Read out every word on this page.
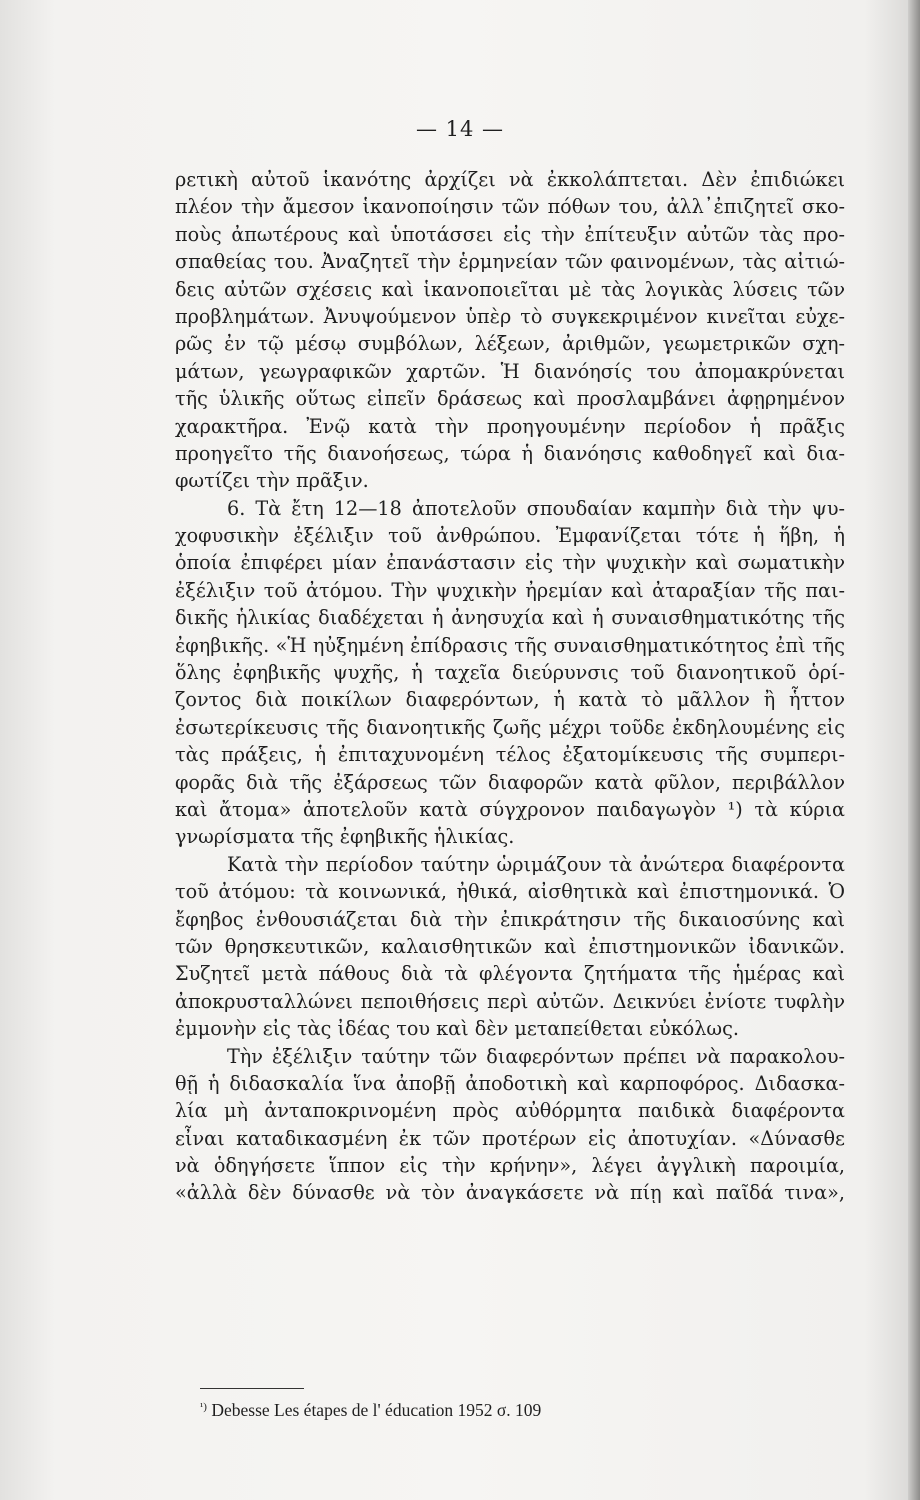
— 14 —
ρετικὴ αὐτοῦ ἱκανότης ἀρχίζει νὰ ἐκκολάπτεται. Δὲν ἐπιδιώκει
πλέον τὴν ἄμεσον ἱκανοποίησιν τῶν πόθων του, ἀλλ᾽ἐπιζητεῖ σκο-
ποὺς ἀπωτέρους καὶ ὑποτάσσει εἰς τὴν ἐπίτευξιν αὐτῶν τὰς προ-
σπαθείας του. Ἀναζητεῖ τὴν ἑρμηνείαν τῶν φαινομένων, τὰς αἰτιώ-
δεις αὐτῶν σχέσεις καὶ ἱκανοποιεῖται μὲ τὰς λογικὰς λύσεις τῶν
προβλημάτων. Ἀνυψούμενον ὑπὲρ τὸ συγκεκριμένον κινεῖται εὐχε-
ρῶς ἐν τῷ μέσῳ συμβόλων, λέξεων, ἀριθμῶν, γεωμετρικῶν σχη-
μάτων, γεωγραφικῶν χαρτῶν. Ἡ διανόησίς του ἀπομακρύνεται
τῆς ὑλικῆς οὕτως εἰπεῖν δράσεως καὶ προσλαμβάνει ἀφῃρημένον
χαρακτῆρα. Ἐνῷ κατὰ τὴν προηγουμένην περίοδον ἡ πρᾶξις
προηγεῖτο τῆς διανοήσεως, τώρα ἡ διανόησις καθοδηγεῖ καὶ δια-
φωτίζει τὴν πρᾶξιν.
6. Τὰ ἔτη 12—18 ἀποτελοῦν σπουδαίαν καμπὴν διὰ τὴν ψυ-
χοφυσικὴν ἐξέλιξιν τοῦ ἀνθρώπου. Ἐμφανίζεται τότε ἡ ἥβη, ἡ
ὁποία ἐπιφέρει μίαν ἐπανάστασιν εἰς τὴν ψυχικὴν καὶ σωματικὴν
ἐξέλιξιν τοῦ ἀτόμου. Τὴν ψυχικὴν ἠρεμίαν καὶ ἀταραξίαν τῆς παι-
δικῆς ἡλικίας διαδέχεται ἡ ἀνησυχία καὶ ἡ συναισθηματικότης τῆς
ἐφηβικῆς. «Ἡ ηὐξημένη ἐπίδρασις τῆς συναισθηματικότητος ἐπὶ τῆς
ὅλης ἐφηβικῆς ψυχῆς, ἡ ταχεῖα διεύρυνσις τοῦ διανοητικοῦ ὁρί-
ζοντος διὰ ποικίλων διαφερόντων, ἡ κατὰ τὸ μᾶλλον ἢ ἧττον
ἐσωτερίκευσις τῆς διανοητικῆς ζωῆς μέχρι τοῦδε ἐκδηλουμένης εἰς
τὰς πράξεις, ἡ ἐπιταχυνομένη τέλος ἐξατομίκευσις τῆς συμπερι-
φορᾶς διὰ τῆς ἐξάρσεως τῶν διαφορῶν κατὰ φῦλον, περιβάλλον
καὶ ἄτομα» ἀποτελοῦν κατὰ σύγχρονον παιδαγωγὸν ¹) τὰ κύρια
γνωρίσματα τῆς ἐφηβικῆς ἡλικίας.
Κατὰ τὴν περίοδον ταύτην ὡριμάζουν τὰ ἀνώτερα διαφέροντα
τοῦ ἀτόμου: τὰ κοινωνικά, ἠθικά, αἰσθητικὰ καὶ ἐπιστημονικά. Ὁ
ἔφηβος ἐνθουσιάζεται διὰ τὴν ἐπικράτησιν τῆς δικαιοσύνης καὶ
τῶν θρησκευτικῶν, καλαισθητικῶν καὶ ἐπιστημονικῶν ἰδανικῶν.
Συζητεῖ μετὰ πάθους διὰ τὰ φλέγοντα ζητήματα τῆς ἡμέρας καὶ
ἀποκρυσταλλώνει πεποιθήσεις περὶ αὐτῶν. Δεικνύει ἐνίοτε τυφλὴν
ἐμμονὴν εἰς τὰς ἰδέας του καὶ δὲν μεταπείθεται εὐκόλως.
Τὴν ἐξέλιξιν ταύτην τῶν διαφερόντων πρέπει νὰ παρακολου-
θῇ ἡ διδασκαλία ἵνα ἀποβῇ ἀποδοτικὴ καὶ καρποφόρος. Διδασκα-
λία μὴ ἀνταποκρινομένη πρὸς αὐθόρμητα παιδικὰ διαφέροντα
εἶναι καταδικασμένη ἐκ τῶν προτέρων εἰς ἀποτυχίαν. «Δύνασθε
νὰ ὁδηγήσετε ἵππον εἰς τὴν κρήνην», λέγει ἀγγλικὴ παροιμία,
«ἀλλὰ δὲν δύνασθε νὰ τὸν ἀναγκάσετε νὰ πίῃ καὶ παῖδά τινα»,
$^{^1)}$ Debesse Les étapes de l' éducation 1952 σ. 109
